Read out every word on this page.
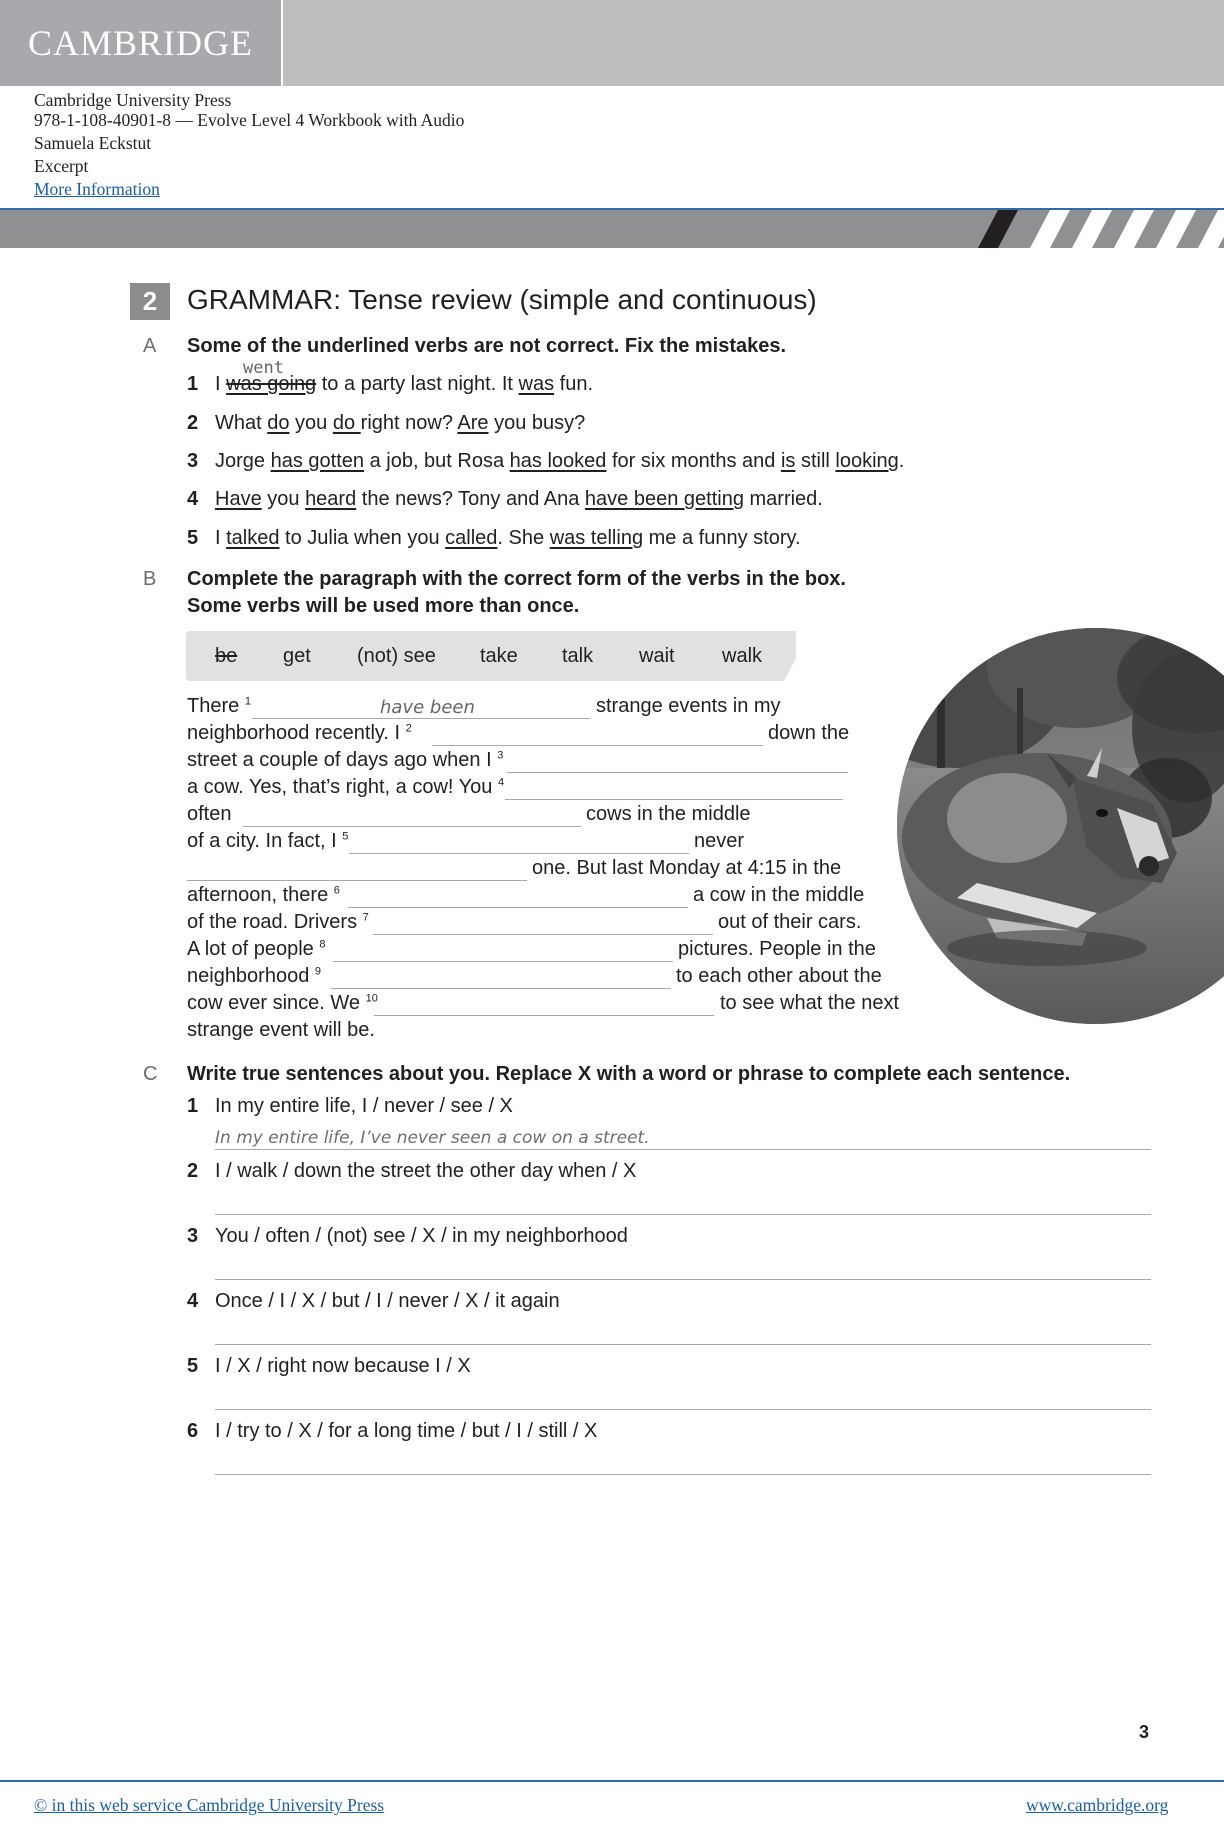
CAMBRIDGE
Cambridge University Press
978-1-108-40901-8 — Evolve Level 4 Workbook with Audio
Samuela Eckstut
Excerpt
More Information
2	GRAMMAR: Tense review (simple and continuous)
A Some of the underlined verbs are not correct. Fix the mistakes.
1
went
I was going to a party last night. It was fun.
2 What do you do right now? Are you busy?
3 Jorge has gotten a job, but Rosa has looked for six months and is still looking.
4 Have you heard the news? Tony and Ana have been getting married.
5 I talked to Julia when you called. She was telling me a funny story.
B Complete the paragraph with the correct form of the verbs in the box.
Some verbs will be used more than once.
be get (not) see take talk wait walk
There $^1$	have been	strange events in my
neighborhood recently. I $^2$	down the
street a couple of days ago when I $^3$
a cow. Yes, that’s right, a cow! You $^4$
often	cows in the middle
of a city. In fact, I $^5$	never
one. But last Monday at 4:15 in the
afternoon, there $^6$	a cow in the middle
of the road. Drivers $^7$	out of their cars.
A lot of people $^8$	pictures. People in the
neighborhood $^9$	to each other about the
cow ever since. We $^{10}$	to see what the next
strange event will be.
C Write true sentences about you. Replace X with a word or phrase to complete each sentence.
1 In my entire life, I / never / see / X
In my entire life, I’ve never seen a cow on a street.
2 I / walk / down the street the other day when / X
3 You / often / (not) see / X / in my neighborhood
4 Once / I / X / but / I / never / X / it again
5 I / X / right now because I / X
6 I / try to / X / for a long time / but / I / still / X
3
© in this web service Cambridge University Press	www.cambridge.org
